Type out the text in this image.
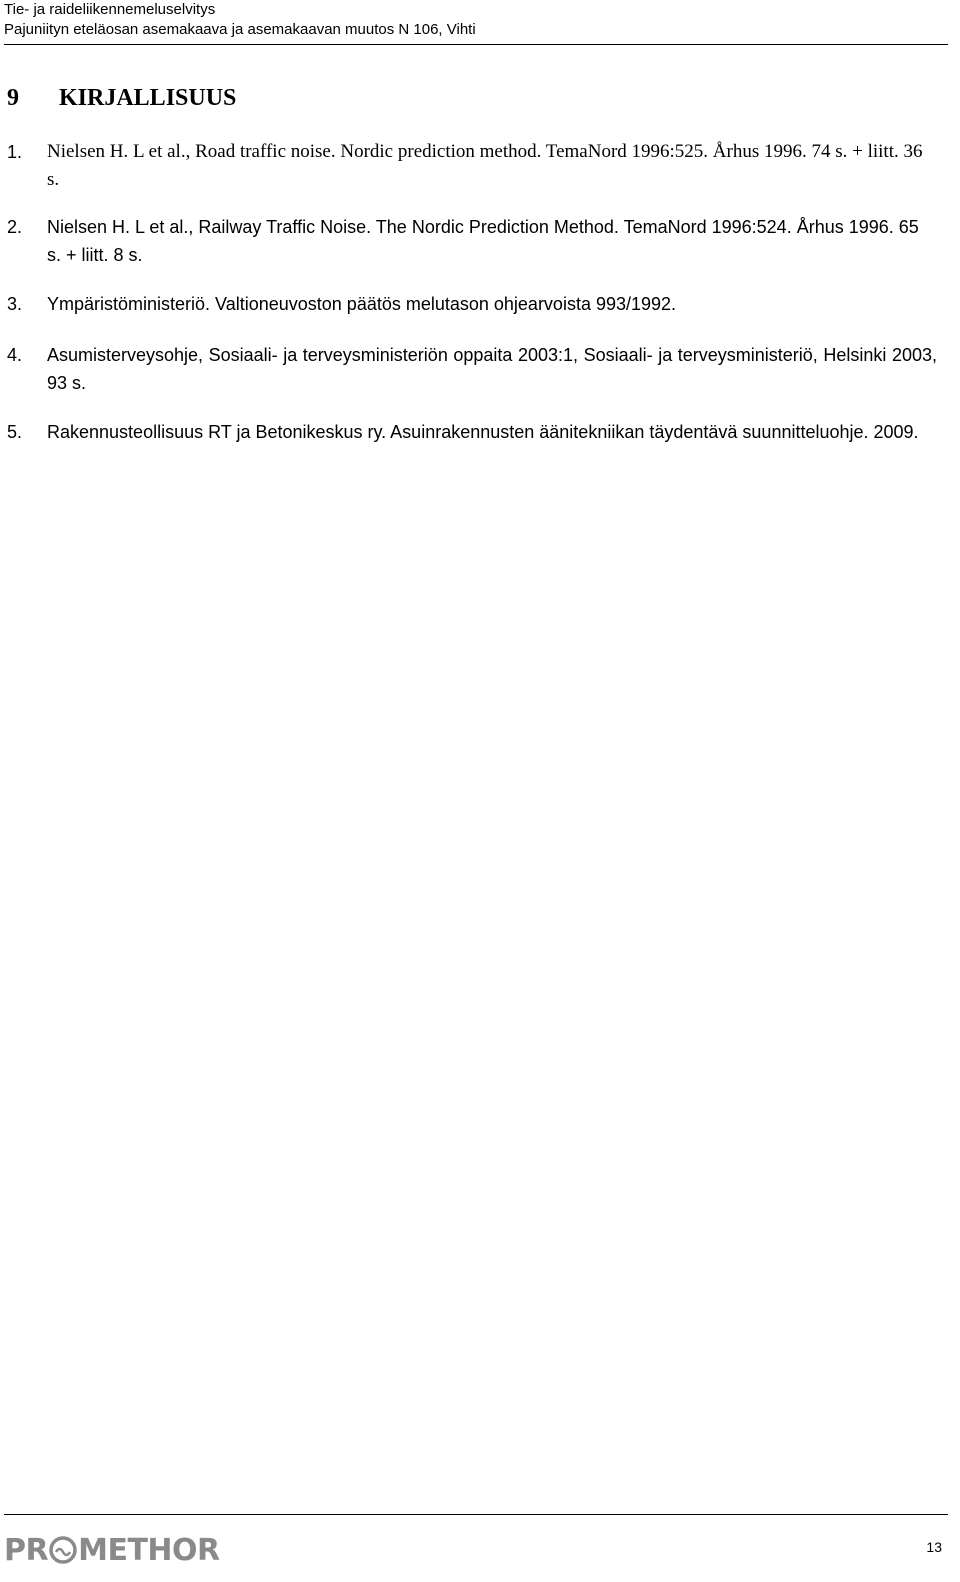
Tie- ja raideliikennemeluselvitys
Pajuniityn eteläosan asemakaava ja asemakaavan muutos N 106, Vihti
9 KIRJALLISUUS
1. Nielsen H. L et al., Road traffic noise. Nordic prediction method. TemaNord 1996:525. Århus 1996. 74 s. + liitt. 36 s.
2. Nielsen H. L et al., Railway Traffic Noise. The Nordic Prediction Method. TemaNord 1996:524. Århus 1996. 65 s. + liitt. 8 s.
3. Ympäristöministeriö. Valtioneuvoston päätös melutason ohjearvoista 993/1992.
4. Asumisterveysohje, Sosiaali- ja terveysministeriön oppaita 2003:1, Sosiaali- ja terveysministeriö, Helsinki 2003, 93 s.
5. Rakennusteollisuus RT ja Betonikeskus ry. Asuinrakennusten äänitekniikan täydentävä suunnitteluohje. 2009.
PR METHOR	13
